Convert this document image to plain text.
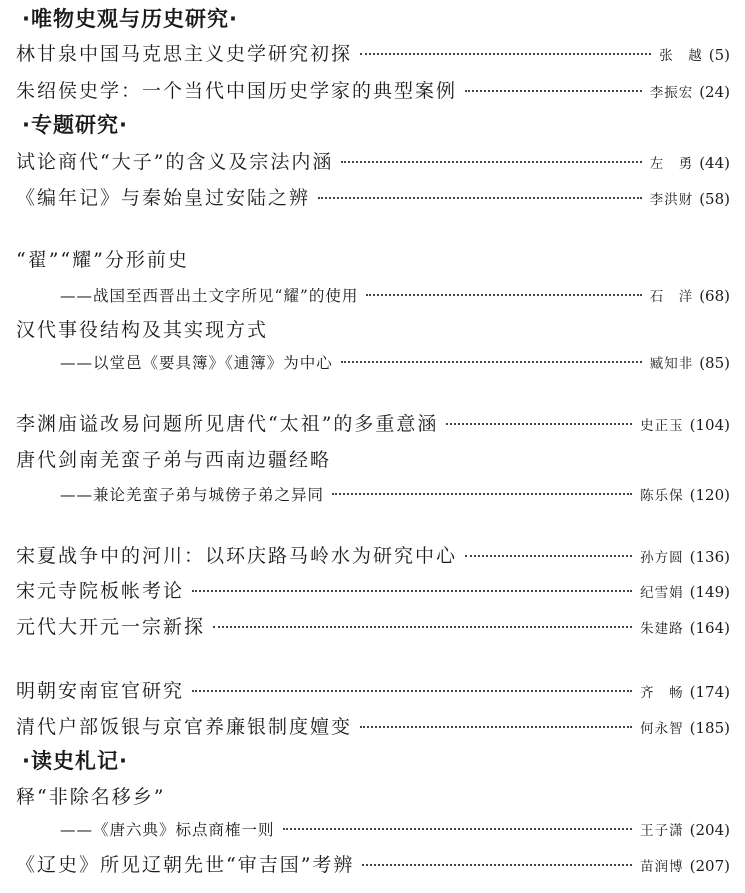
·唯物史观与历史研究·
林甘泉中国马克思主义史学研究初探	张　越 (5)
朱绍侯史学：一个当代中国历史学家的典型案例	李振宏 (24)
·专题研究·
试论商代“大子”的含义及宗法内涵	左　勇 (44)
《编年记》与秦始皇过安陆之辨	李洪财 (58)
“翟”“耀”分形前史
——战国至西晋出土文字所见“耀”的使用	石　洋 (68)
汉代事役结构及其实现方式
——以堂邑《要具簿》《逋簿》为中心	臧知非 (85)
李渊庙谥改易问题所见唐代“太祖”的多重意涵	史正玉 (104)
唐代剑南羌蛮子弟与西南边疆经略
——兼论羌蛮子弟与城傍子弟之异同	陈乐保 (120)
宋夏战争中的河川：以环庆路马岭水为研究中心	孙方圆 (136)
宋元寺院板帐考论	纪雪娟 (149)
元代大开元一宗新探	朱建路 (164)
明朝安南宦官研究	齐　畅 (174)
清代户部饭银与京官养廉银制度嬗变	何永智 (185)
·读史札记·
释“非除名移乡”
——《唐六典》标点商榷一则	王子潇 (204)
《辽史》所见辽朝先世“审吉国”考辨	苗润博 (207)
